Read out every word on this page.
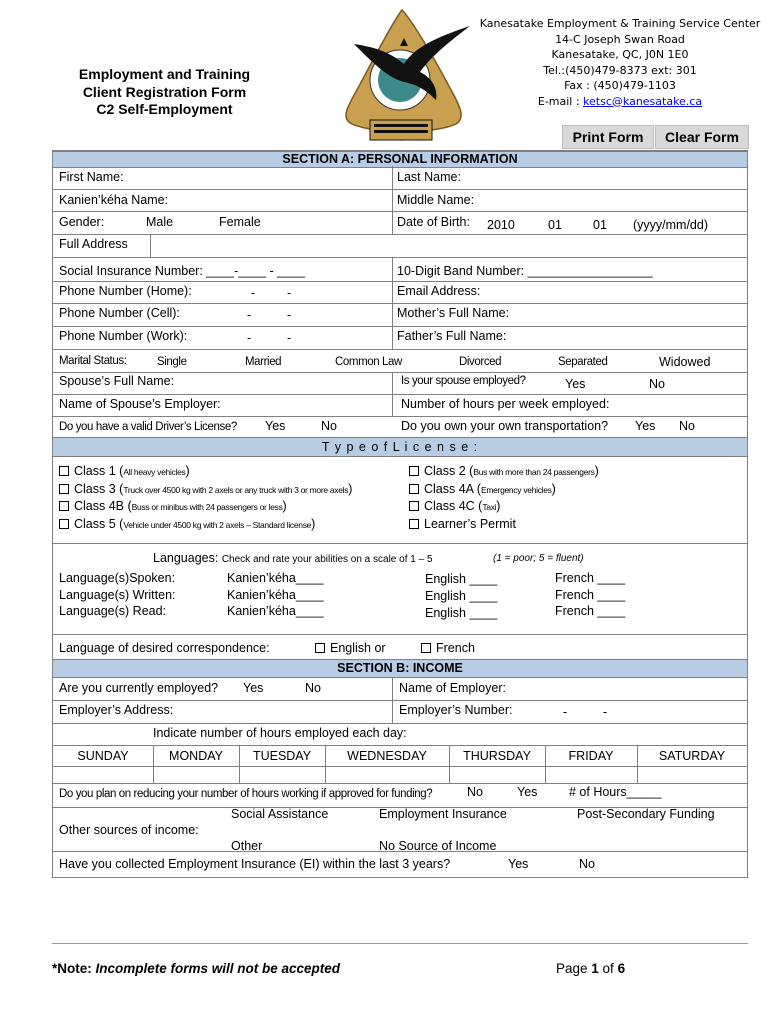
Employment and Training
Client Registration Form
C2 Self-Employment
Kanesatake Employment & Training Service Center
14-C Joseph Swan Road
Kanesatake, QC, J0N 1E0
Tel.:(450)479-8373 ext: 301
Fax : (450)479-1103
E-mail : ketsc@kanesatake.ca
Print Form	Clear Form
SECTION A: PERSONAL INFORMATION
First Name:	Last Name:
Kanien’kéha Name:	Middle Name:
Gender:	Male	Female	Date of Birth: 2010	01 01 (yyyy/mm/dd)
Full Address
Social Insurance Number: ____-____ - ____	10-Digit Band Number: __________________
Phone Number (Home):	-	-	Email Address:
Phone Number (Cell):	-	-	Mother’s Full Name:
Phone Number (Work):	-	-	Father’s Full Name:
Marital Status:	Single	Married	Common Law	Divorced	Separated	Widowed
Spouse’s Full Name:	Is your spouse employed?	Yes	No
Name of Spouse’s Employer:	Number of hours per week employed:
Do you have a valid Driver’s License? Yes	No	Do you own your own transportation? Yes No
T y p e o f L i c e n s e :
Class 1 (All heavy vehicles)
Class 3 (Truck over 4500 kg with 2 axels or any truck with 3 or more axels)
Class 4B (Buss or minibus with 24 passengers or less)
Class 5 (Vehicle under 4500 kg with 2 axels – Standard license)
Class 2 (Bus with more than 24 passengers)
Class 4A (Emergency vehicles)
Class 4C (Taxi)
Learner’s Permit
Languages: Check and rate your abilities on a scale of 1 – 5	(1 = poor; 5 = fluent)
Language(s)Spoken:	Kanien’kéha____	English ____	French ____
Language(s) Written:	Kanien’kéha____	English ____	French ____
Language(s) Read:	Kanien’kéha____	English ____	French ____
Language of desired correspondence:	English or	French
SECTION B: INCOME
Are you currently employed? Yes	No	Name of Employer:
Employer’s Address:	Employer’s Number:	-	-
Indicate number of hours employed each day:
SUNDAY	MONDAY	TUESDAY	WEDNESDAY	THURSDAY	FRIDAY	SATURDAY
Do you plan on reducing your number of hours working if approved for funding?	No	Yes	# of Hours_____
Social Assistance	Employment Insurance	Post-Secondary Funding
Other sources of income:
Other	No Source of Income
Have you collected Employment Insurance (EI) within the last 3 years?	Yes	No
*Note: Incomplete forms will not be accepted	Page 1 of 6
